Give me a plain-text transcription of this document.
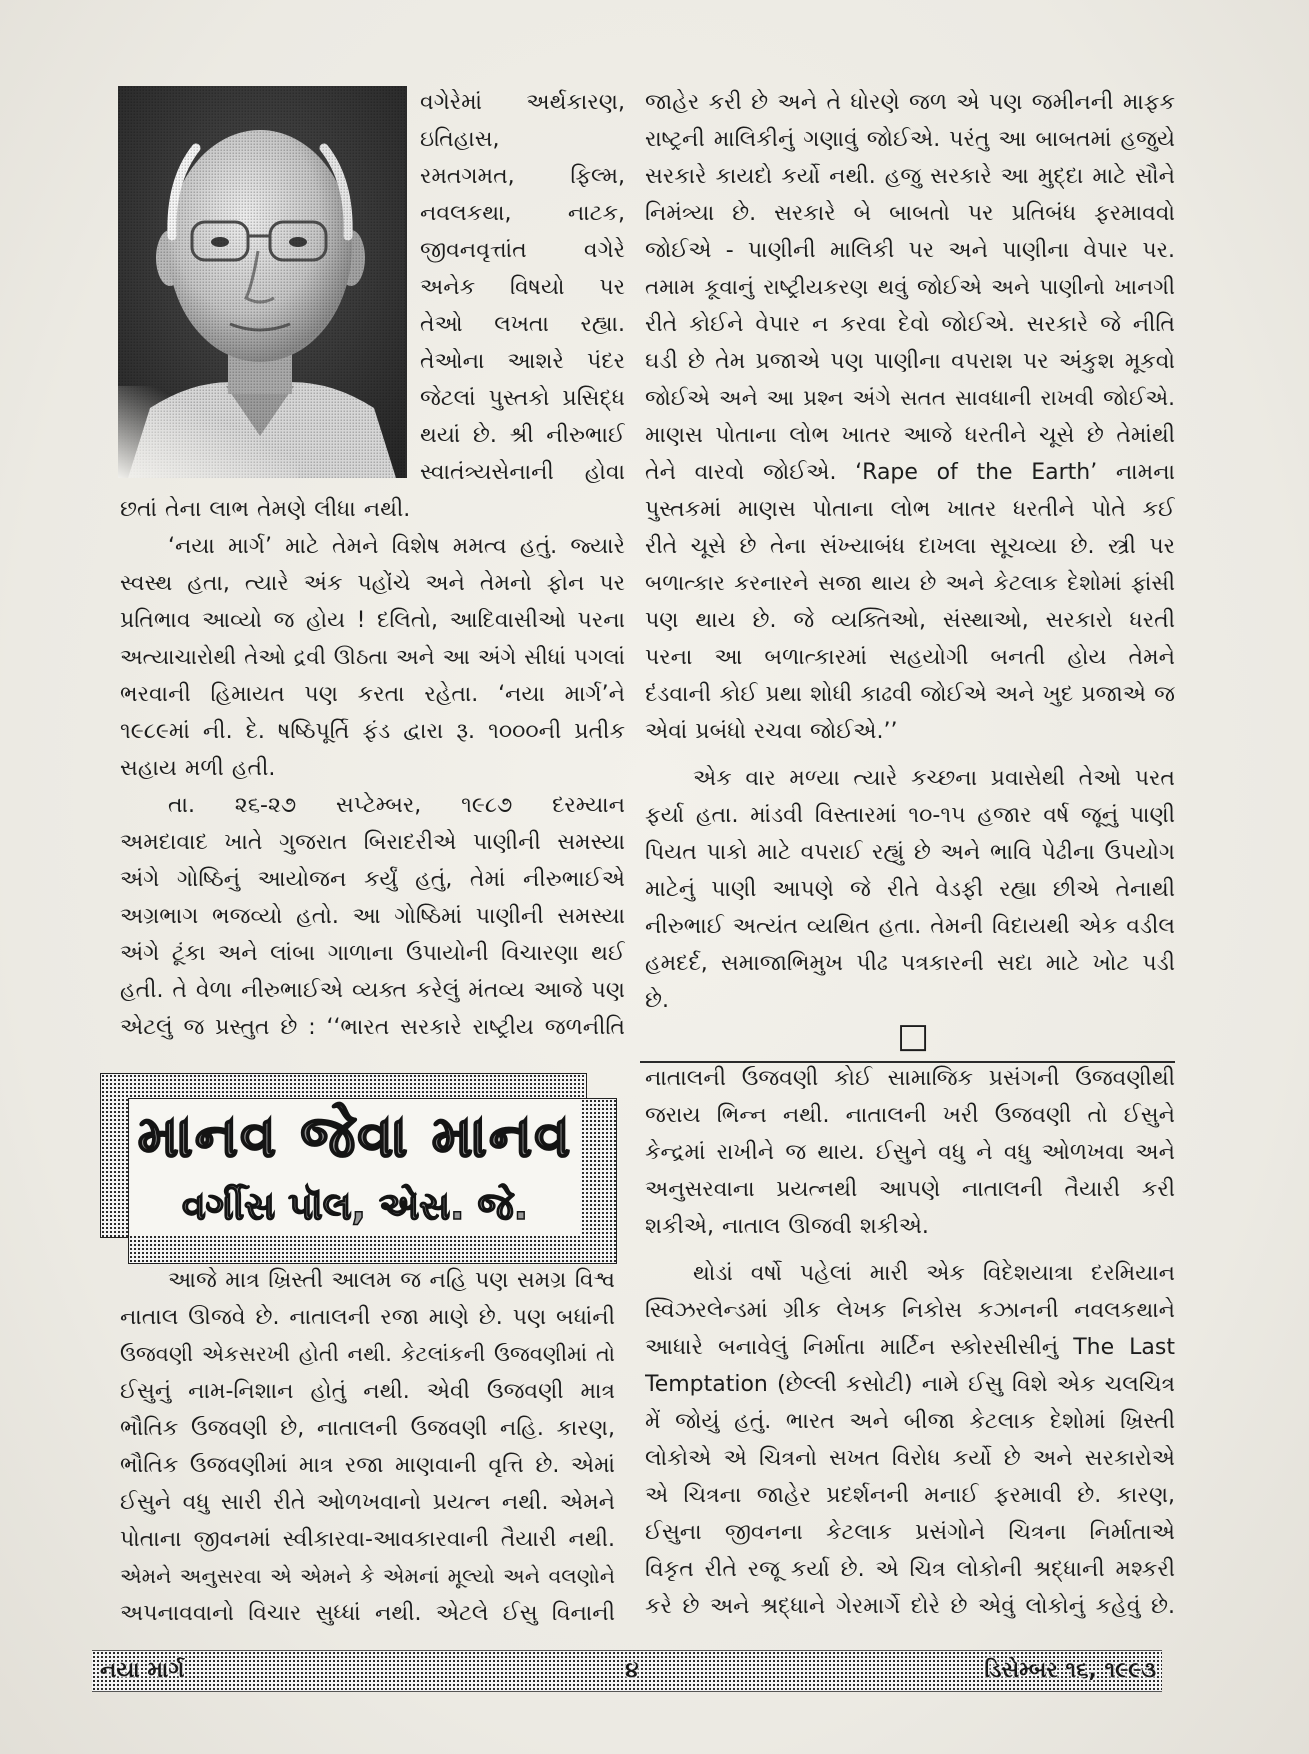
વગેરેમાં અર્થકારણ,
ઇતિહાસ,
રમતગમત, ફિલ્મ,
નવલકથા, નાટક,
જીવનવૃત્તાંત વગેરે
અનેક વિષયો પર
તેઓ લખતા રહ્યા.
તેઓના આશરે પંદર
જેટલાં પુસ્તકો પ્રસિદ્ધ
થયાં છે. શ્રી નીરુભાઈ
સ્વાતંત્ર્યસેનાની હોવા
છતાં તેના લાભ તેમણે લીધા નથી.
‘નયા માર્ગ’ માટે તેમને વિશેષ મમત્વ હતું. જ્યારે
સ્વસ્થ હતા, ત્યારે અંક પહોંચે અને તેમનો ફોન પર
પ્રતિભાવ આવ્યો જ હોય ! દલિતો, આદિવાસીઓ પરના
અત્યાચારોથી તેઓ દ્રવી ઊઠતા અને આ અંગે સીધાં પગલાં
ભરવાની હિમાયત પણ કરતા રહેતા. ‘નયા માર્ગ’ને
૧૯૮૯માં ની. દે. ષષ્ઠિપૂર્તિ ફંડ દ્વારા રૂ. ૧૦૦૦ની પ્રતીક
સહાય મળી હતી.
તા. ૨૬-૨૭ સપ્ટેમ્બર, ૧૯૮૭ દરમ્યાન
અમદાવાદ ખાતે ગુજરાત બિરાદરીએ પાણીની સમસ્યા
અંગે ગોષ્ઠિનું આયોજન કર્યું હતું, તેમાં નીરુભાઈએ
અગ્રભાગ ભજવ્યો હતો. આ ગોષ્ઠિમાં પાણીની સમસ્યા
અંગે ટૂંકા અને લાંબા ગાળાના ઉપાયોની વિચારણા થઈ
હતી. તે વેળા નીરુભાઈએ વ્યક્ત કરેલું મંતવ્ય આજે પણ
એટલું જ પ્રસ્તુત છે : ‘‘ભારત સરકારે રાષ્ટ્રીય જળનીતિ
જાહેર કરી છે અને તે ધોરણે જળ એ પણ જમીનની માફક
રાષ્ટ્રની માલિકીનું ગણાવું જોઈએ. પરંતુ આ બાબતમાં હજુયે
સરકારે કાયદો કર્યો નથી. હજુ સરકારે આ મુદ્દા માટે સૌને
નિમંત્ર્યા છે. સરકારે બે બાબતો પર પ્રતિબંધ ફરમાવવો
જોઈએ - પાણીની માલિકી પર અને પાણીના વેપાર પર.
તમામ કૂવાનું રાષ્ટ્રીયકરણ થવું જોઈએ અને પાણીનો ખાનગી
રીતે કોઈને વેપાર ન કરવા દેવો જોઈએ. સરકારે જે નીતિ
ઘડી છે તેમ પ્રજાએ પણ પાણીના વપરાશ પર અંકુશ મૂકવો
જોઈએ અને આ પ્રશ્ન અંગે સતત સાવધાની રાખવી જોઈએ.
માણસ પોતાના લોભ ખાતર આજે ધરતીને ચૂસે છે તેમાંથી
તેને વારવો જોઈએ. ‘Rape of the Earth’ નામના
પુસ્તકમાં માણસ પોતાના લોભ ખાતર ધરતીને પોતે કઈ
રીતે ચૂસે છે તેના સંખ્યાબંધ દાખલા સૂચવ્યા છે. સ્ત્રી પર
બળાત્કાર કરનારને સજા થાય છે અને કેટલાક દેશોમાં ફાંસી
પણ થાય છે. જે વ્યક્તિઓ, સંસ્થાઓ, સરકારો ધરતી
પરના આ બળાત્કારમાં સહયોગી બનતી હોય તેમને
દંડવાની કોઈ પ્રથા શોધી કાઢવી જોઈએ અને ખુદ પ્રજાએ જ
એવાં પ્રબંધો રચવા જોઈએ.’’
એક વાર મળ્યા ત્યારે કચ્છના પ્રવાસેથી તેઓ પરત
ફર્યા હતા. માંડવી વિસ્તારમાં ૧૦-૧૫ હજાર વર્ષ જૂનું પાણી
પિયત પાકો માટે વપરાઈ રહ્યું છે અને ભાવિ પેઢીના ઉપયોગ
માટેનું પાણી આપણે જે રીતે વેડફી રહ્યા છીએ તેનાથી
નીરુભાઈ અત્યંત વ્યથિત હતા. તેમની વિદાયથી એક વડીલ
હમદર્દ, સમાજાભિમુખ પીઢ પત્રકારની સદા માટે ખોટ પડી
છે.
□
માનવ જેવા માનવ
વર્ગીસ પૉલ, એસ. જે.
આજે માત્ર ખ્રિસ્તી આલમ જ નહિ પણ સમગ્ર વિશ્વ
નાતાલ ઊજવે છે. નાતાલની રજા માણે છે. પણ બધાંની
ઉજવણી એકસરખી હોતી નથી. કેટલાંકની ઉજવણીમાં તો
ઈસુનું નામ-નિશાન હોતું નથી. એવી ઉજવણી માત્ર
ભૌતિક ઉજવણી છે, નાતાલની ઉજવણી નહિ. કારણ,
ભૌતિક ઉજવણીમાં માત્ર રજા માણવાની વૃત્તિ છે. એમાં
ઈસુને વધુ સારી રીતે ઓળખવાનો પ્રયત્ન નથી. એમને
પોતાના જીવનમાં સ્વીકારવા-આવકારવાની તૈયારી નથી.
એમને અનુસરવા એ એમને કે એમનાં મૂલ્યો અને વલણોને
અપનાવવાનો વિચાર સુધ્ધાં નથી. એટલે ઈસુ વિનાની
નાતાલની ઉજવણી કોઈ સામાજિક પ્રસંગની ઉજવણીથી
જરાય ભિન્ન નથી. નાતાલની ખરી ઉજવણી તો ઈસુને
કેન્દ્રમાં રાખીને જ થાય. ઈસુને વધુ ને વધુ ઓળખવા અને
અનુસરવાના પ્રયત્નથી આપણે નાતાલની તૈયારી કરી
શકીએ, નાતાલ ઊજવી શકીએ.
થોડાં વર્ષો પહેલાં મારી એક વિદેશયાત્રા દરમિયાન
સ્વિઝરલેન્ડમાં ગ્રીક લેખક નિકોસ કઝાનની નવલકથાને
આધારે બનાવેલું નિર્માતા માર્ટિન સ્કોરસીસીનું The Last
Temptation (છેલ્લી કસોટી) નામે ઈસુ વિશે એક ચલચિત્ર
મેં જોયું હતું. ભારત અને બીજા કેટલાક દેશોમાં ખ્રિસ્તી
લોકોએ એ ચિત્રનો સખત વિરોધ કર્યો છે અને સરકારોએ
એ ચિત્રના જાહેર પ્રદર્શનની મનાઈ ફરમાવી છે. કારણ,
ઈસુના જીવનના કેટલાક પ્રસંગોને ચિત્રના નિર્માતાએ
વિકૃત રીતે રજૂ કર્યા છે. એ ચિત્ર લોકોની શ્રદ્ધાની મશ્કરી
કરે છે અને શ્રદ્ધાને ગેરમાર્ગે દોરે છે એવું લોકોનું કહેવું છે.
નયા માર્ગ	૪	ડિસેમ્બર ૧૬, ૧૯૯૩
